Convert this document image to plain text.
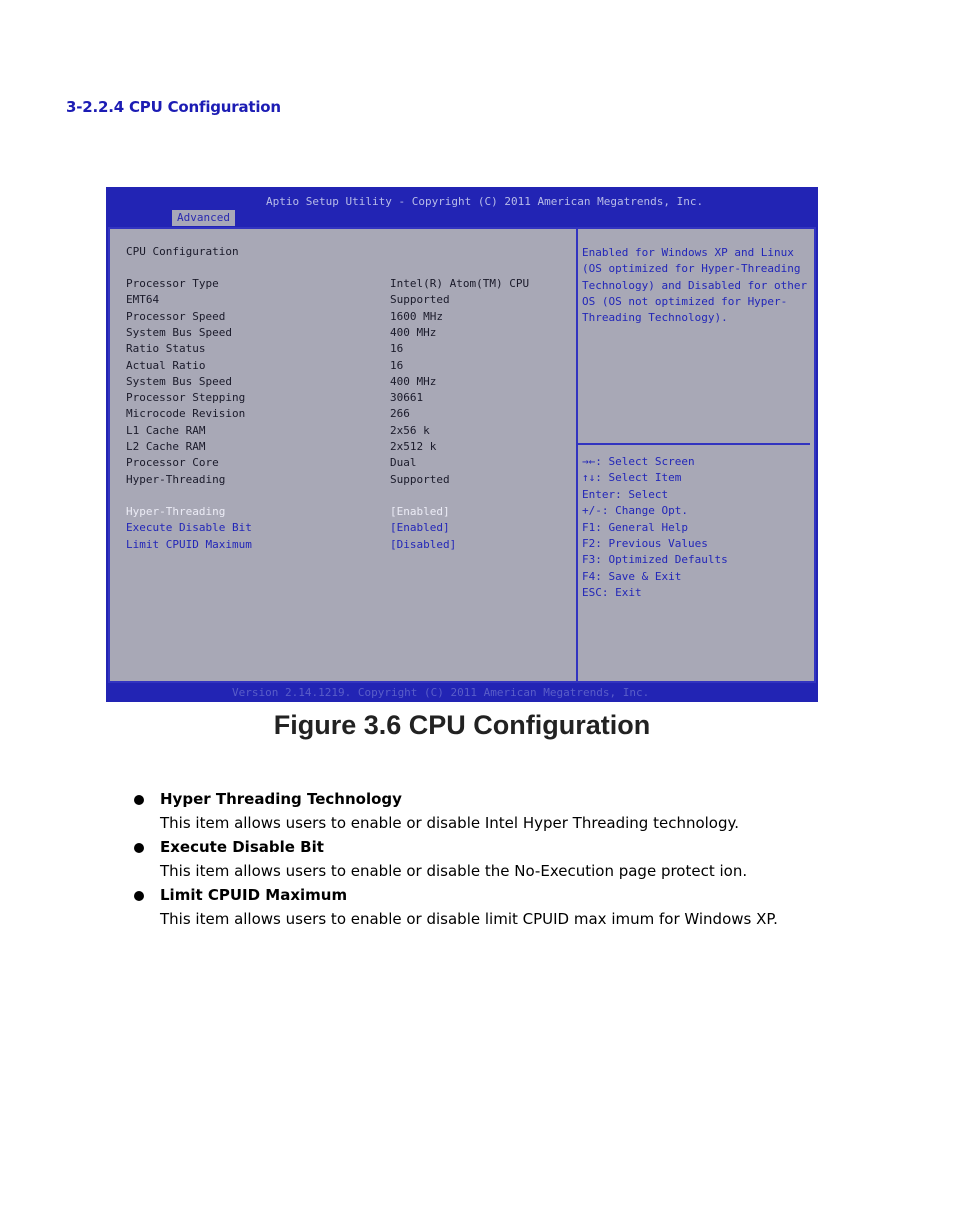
3-2.2.4 CPU Configuration
Aptio Setup Utility - Copyright (C) 2011 American Megatrends, Inc.
Advanced
CPU Configuration
Processor Type	Intel(R) Atom(TM) CPU
EMT64	Supported
Processor Speed	1600 MHz
System Bus Speed	400 MHz
Ratio Status	16
Actual Ratio	16
System Bus Speed	400 MHz
Processor Stepping	30661
Microcode Revision	266
L1 Cache RAM	2x56 k
L2 Cache RAM	2x512 k
Processor Core	Dual
Hyper-Threading	Supported
Hyper-Threading	[Enabled]
Execute Disable Bit	[Enabled]
Limit CPUID Maximum	[Disabled]
Enabled for Windows XP and Linux (OS optimized for Hyper-Threading Technology) and Disabled for other OS (OS not optimized for Hyper-Threading Technology).
→←: Select Screen
↑↓: Select Item
Enter: Select
+/-: Change Opt.
F1: General Help
F2: Previous Values
F3: Optimized Defaults
F4: Save & Exit
ESC: Exit
Version 2.14.1219. Copyright (C) 2011 American Megatrends, Inc.
Figure 3.6 CPU Configuration
Hyper Threading Technology
This item allows users to enable or disable Intel Hyper Threading technology.
Execute Disable Bit
This item allows users to enable or disable the No-Execution page protect ion.
Limit CPUID Maximum
This item allows users to enable or disable limit CPUID max imum for Windows XP.
